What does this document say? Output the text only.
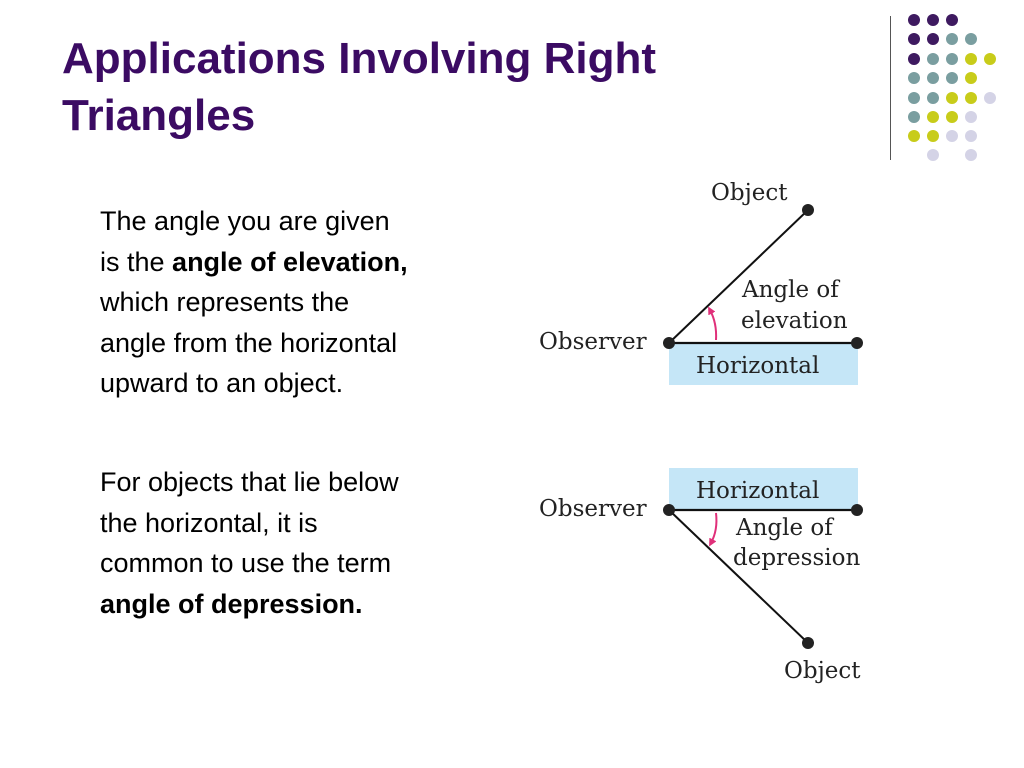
Applications Involving Right
Triangles
The angle you are given
is the angle of elevation,
which represents the
angle from the horizontal
upward to an object.
For objects that lie below
the horizontal, it is
common to use the term
angle of depression.
Object
Angle of
elevation
Observer
Horizontal
Horizontal
Observer
Angle of
depression
Object
